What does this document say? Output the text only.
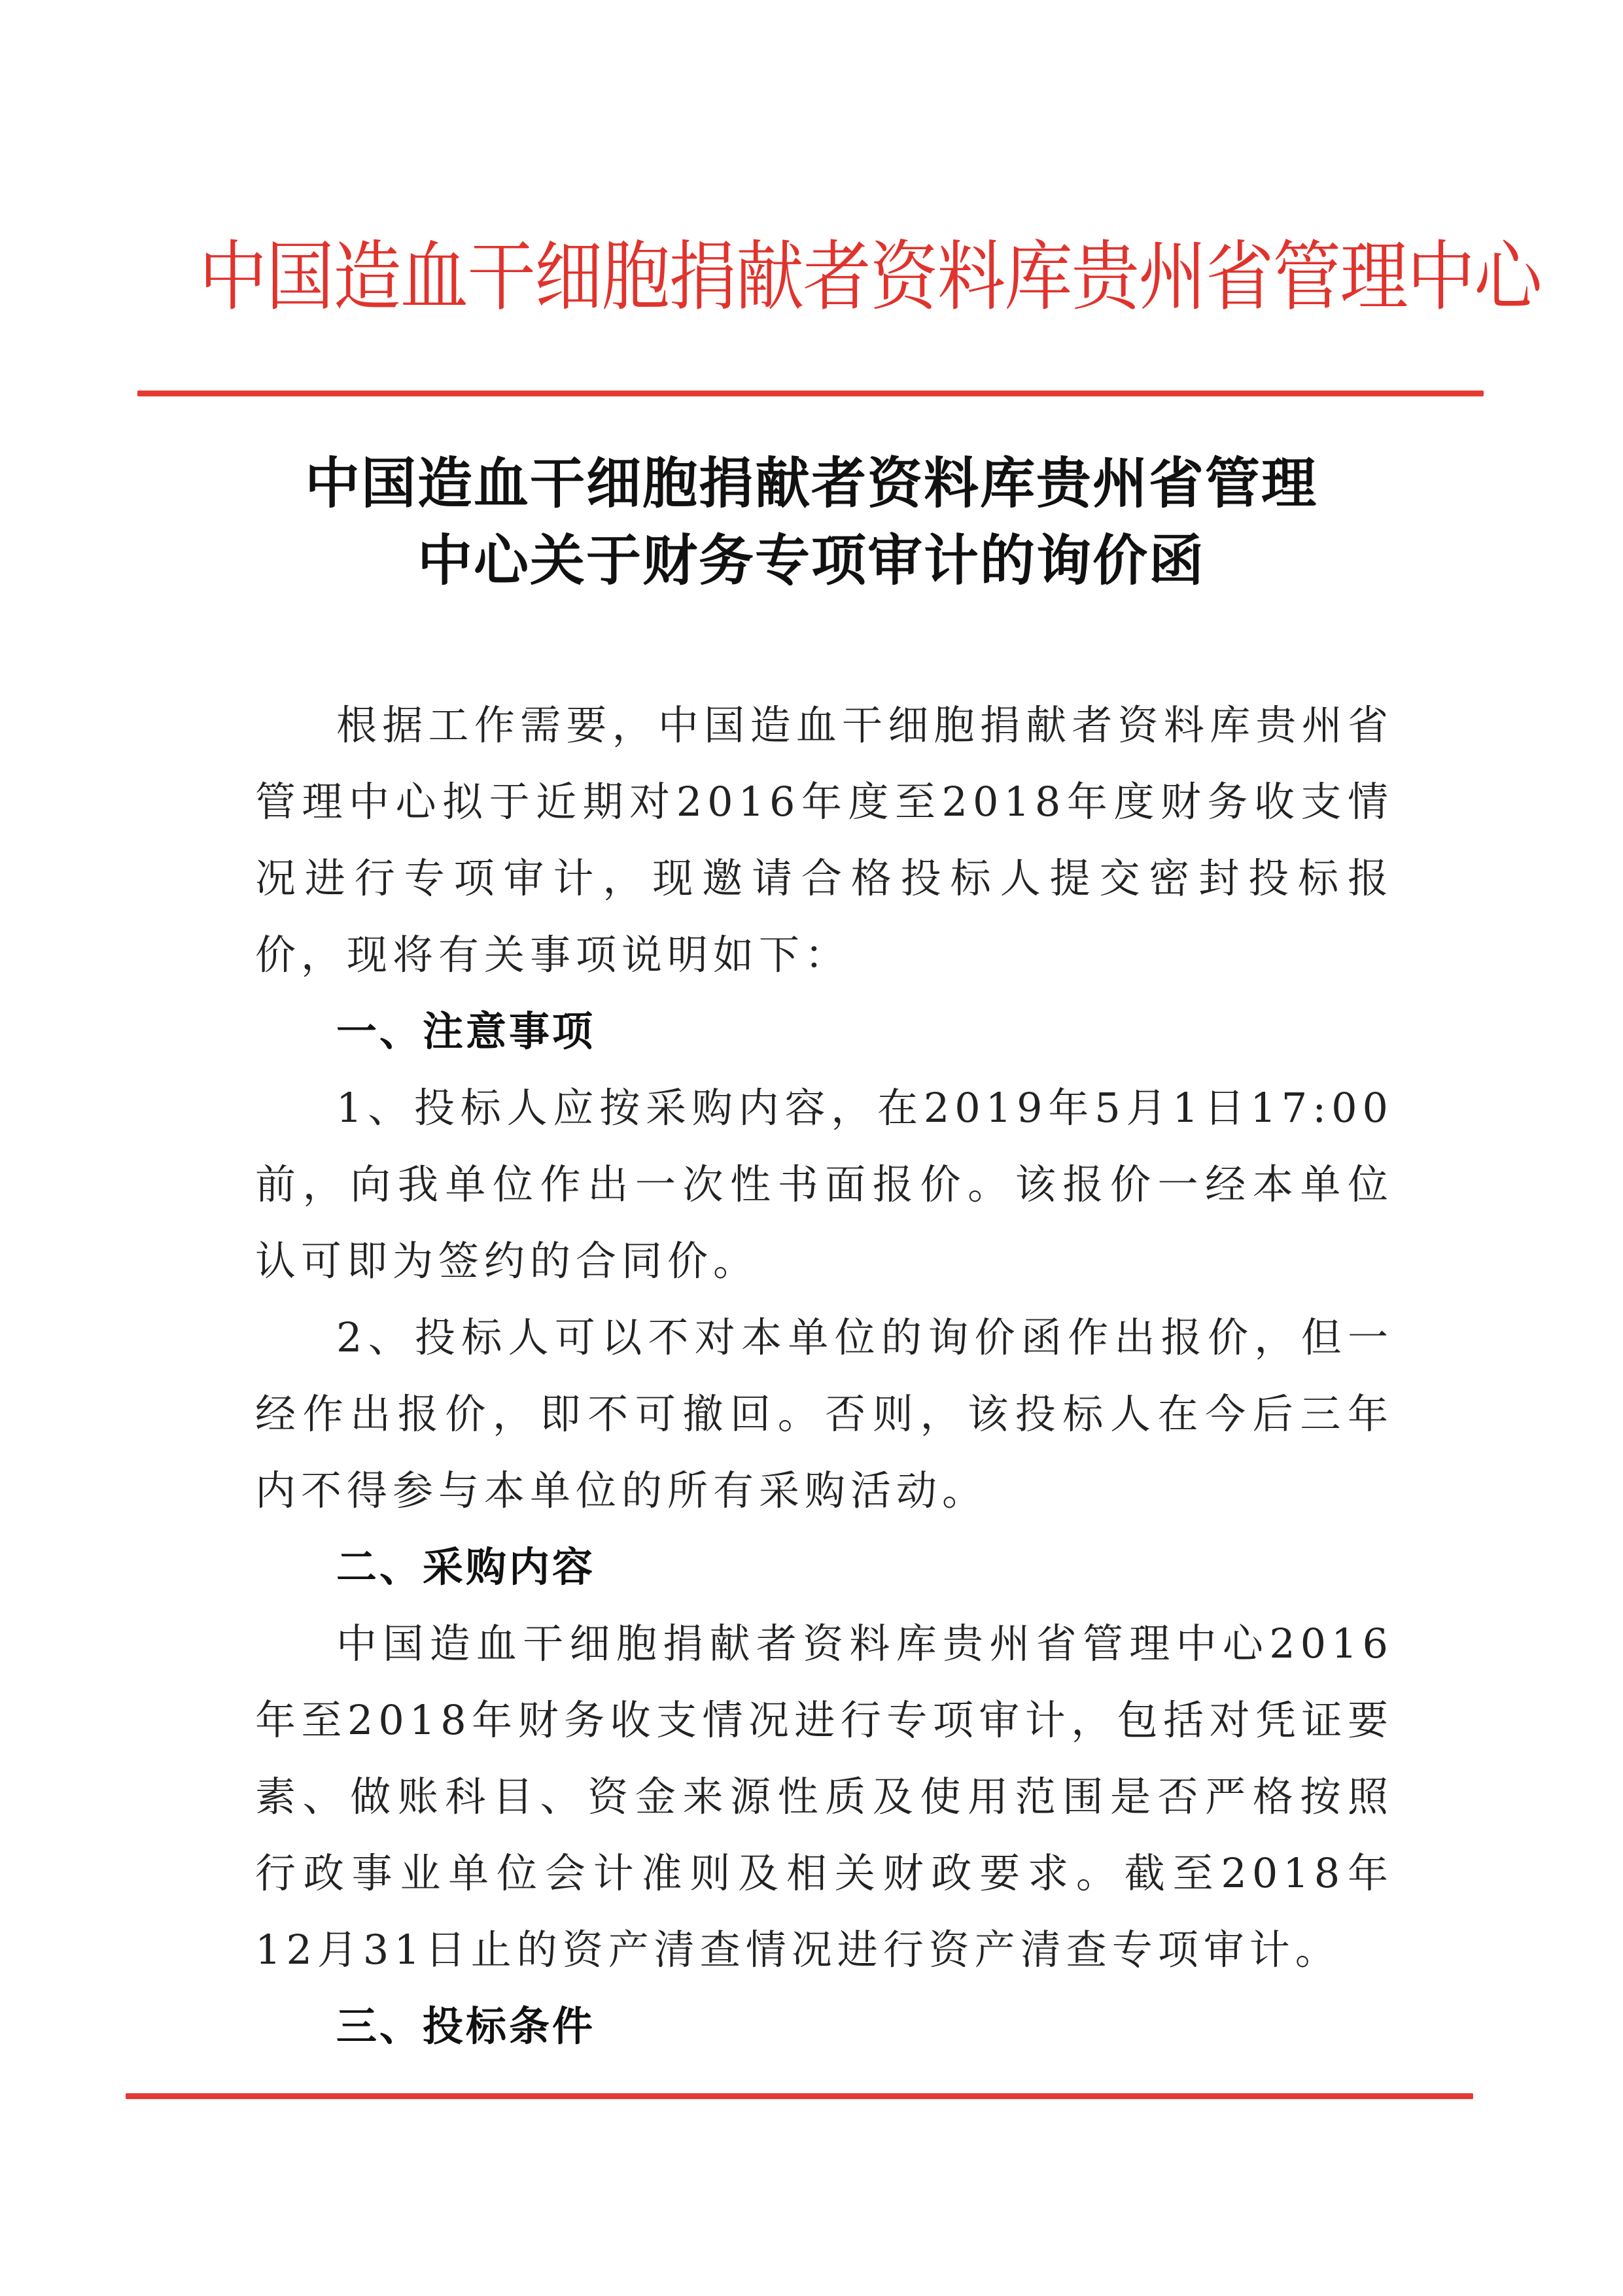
中国造血干细胞捐献者资料库贵州省管理中心
中国造血干细胞捐献者资料库贵州省管理
中心关于财务专项审计的询价函

根据工作需要，中国造血干细胞捐献者资料库贵州省管理中心拟于近期对2016年度至2018年度财务收支情况进行专项审计，现邀请合格投标人提交密封投标报价，现将有关事项说明如下：

一、注意事项

1、投标人应按采购内容，在2019年5月1日17:00前，向我单位作出一次性书面报价。该报价一经本单位认可即为签约的合同价。

2、投标人可以不对本单位的询价函作出报价，但一经作出报价，即不可撤回。否则，该投标人在今后三年内不得参与本单位的所有采购活动。

二、采购内容

中国造血干细胞捐献者资料库贵州省管理中心2016年至2018年财务收支情况进行专项审计，包括对凭证要素、做账科目、资金来源性质及使用范围是否严格按照行政事业单位会计准则及相关财政要求。截至2018年12月31日止的资产清查情况进行资产清查专项审计。

三、投标条件
